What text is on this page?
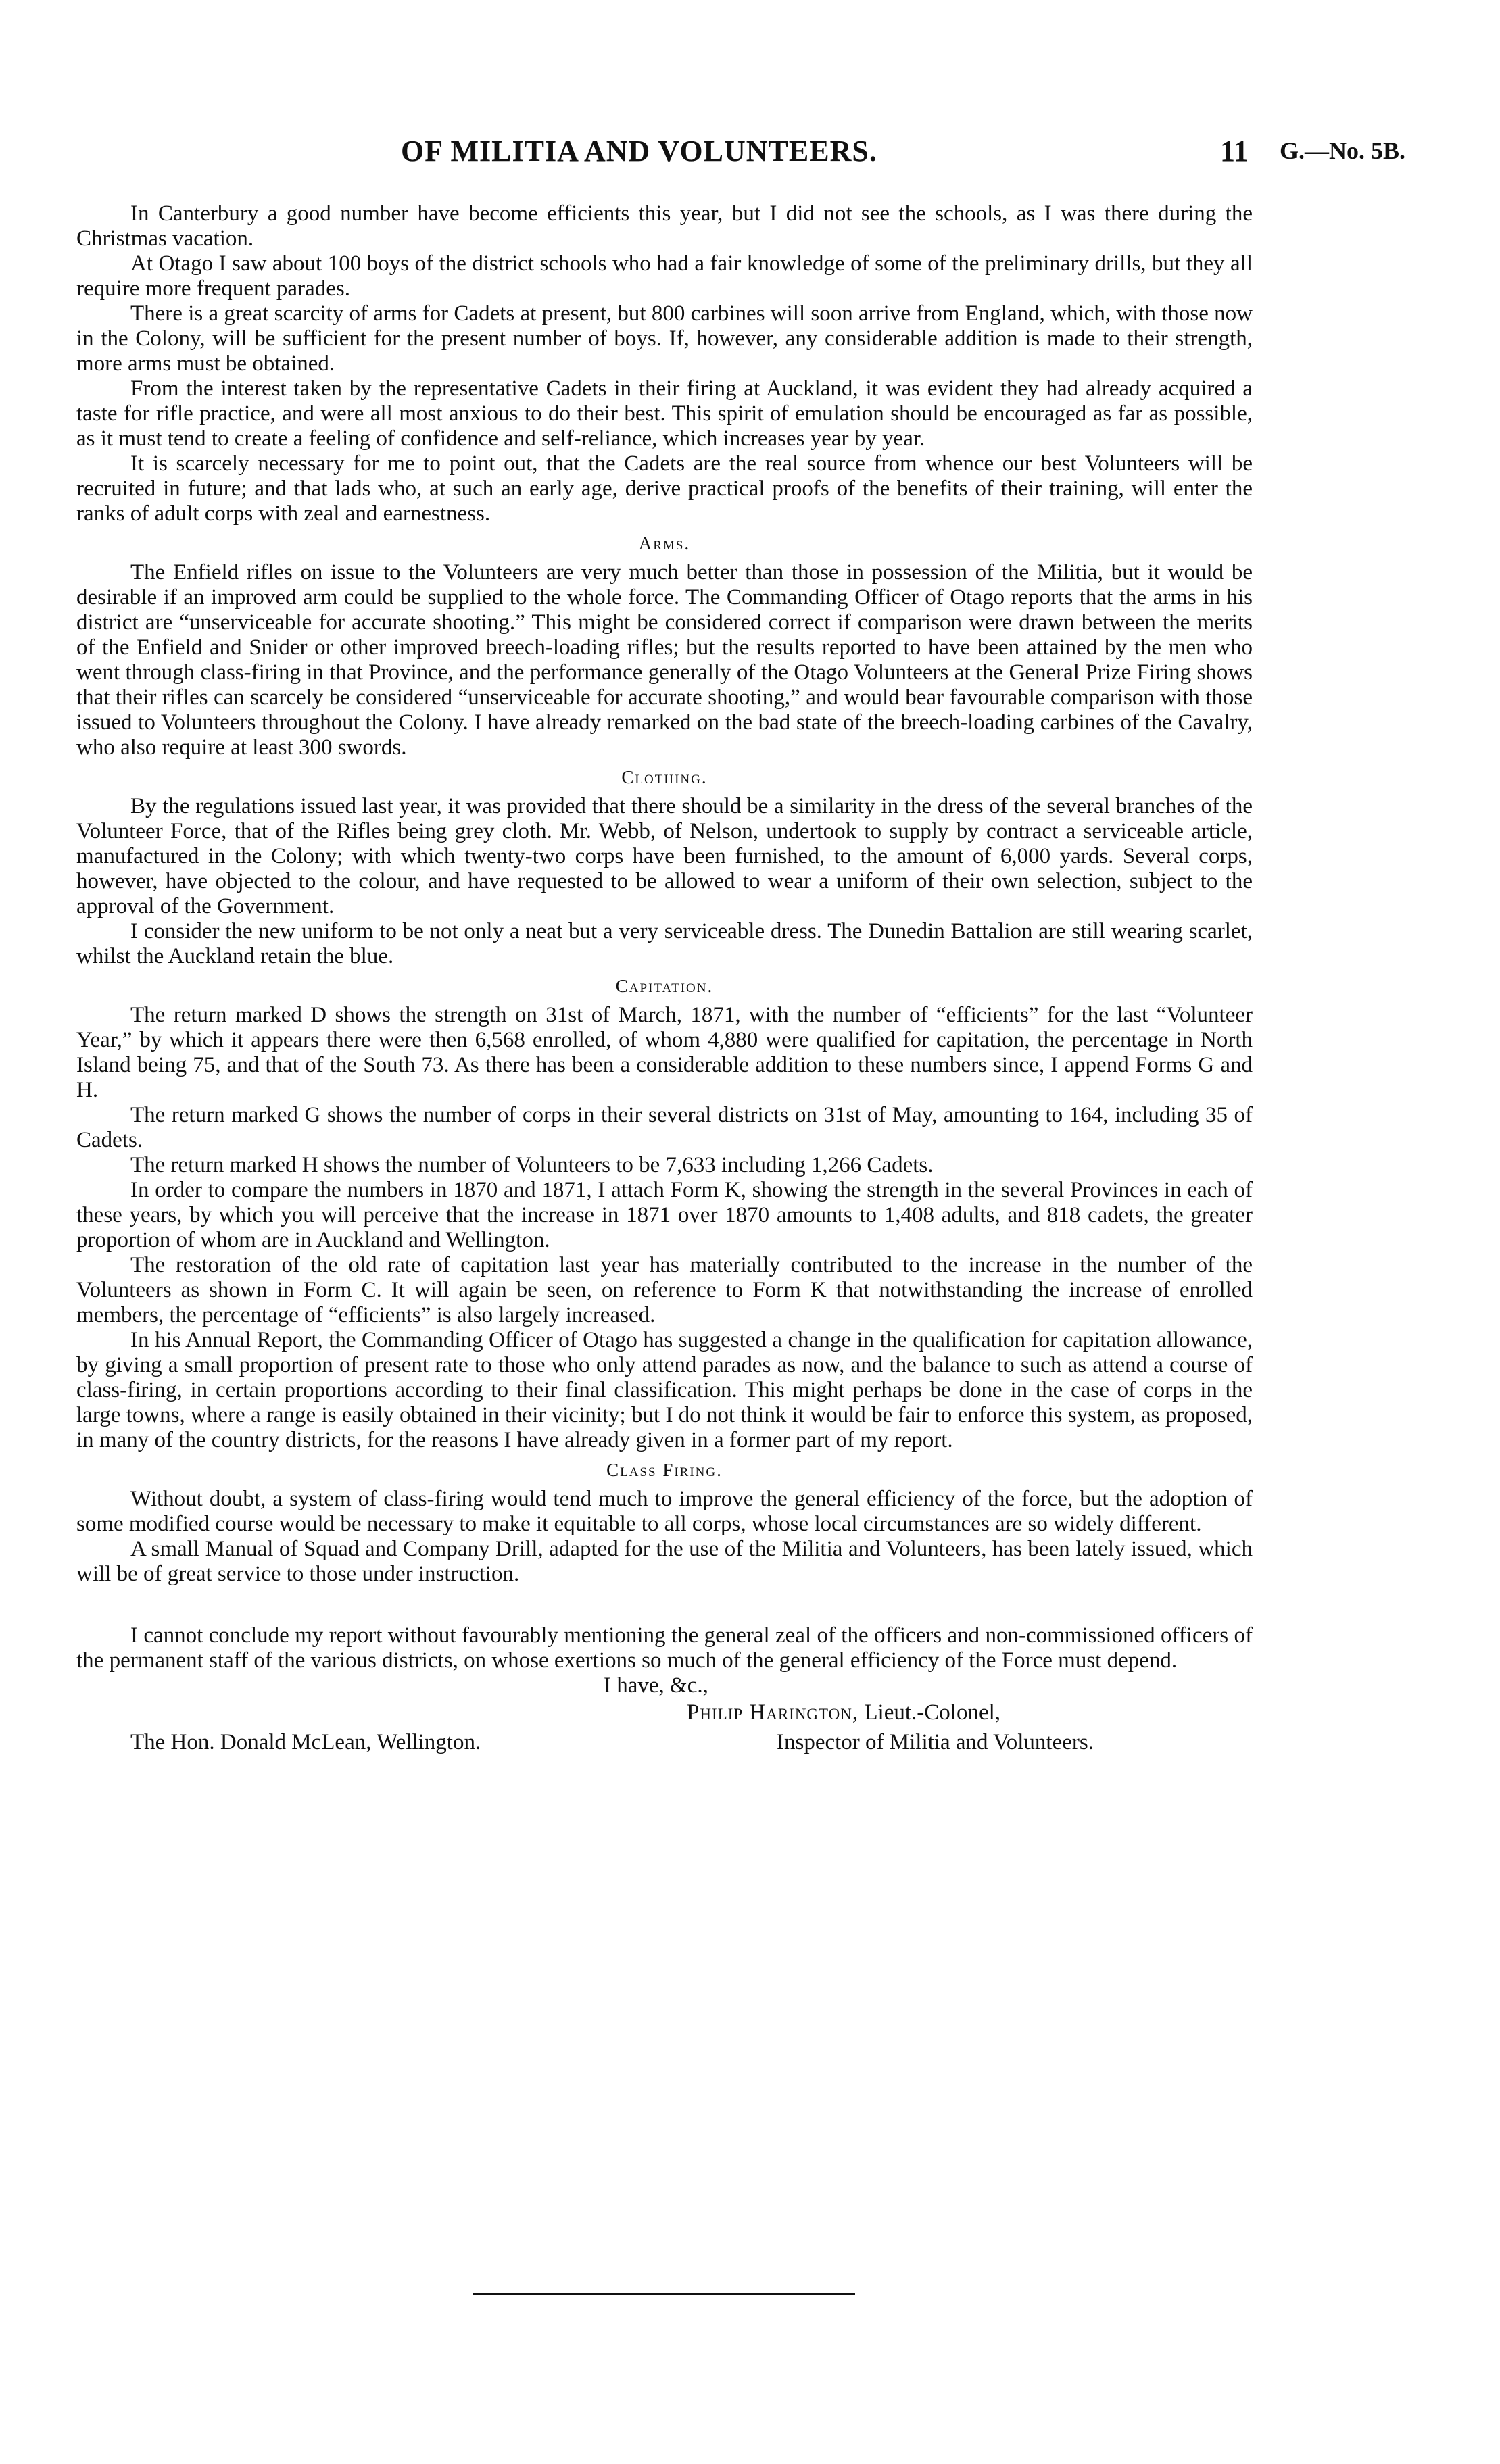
OF MILITIA AND VOLUNTEERS.	11 G.—No. 5B.

In Canterbury a good number have become efficients this year, but I did not see the schools, as I was there during the Christmas vacation.

At Otago I saw about 100 boys of the district schools who had a fair knowledge of some of the preliminary drills, but they all require more frequent parades.

There is a great scarcity of arms for Cadets at present, but 800 carbines will soon arrive from England, which, with those now in the Colony, will be sufficient for the present number of boys. If, however, any considerable addition is made to their strength, more arms must be obtained.

From the interest taken by the representative Cadets in their firing at Auckland, it was evident they had already acquired a taste for rifle practice, and were all most anxious to do their best. This spirit of emulation should be encouraged as far as possible, as it must tend to create a feeling of confidence and self-reliance, which increases year by year.

It is scarcely necessary for me to point out, that the Cadets are the real source from whence our best Volunteers will be recruited in future; and that lads who, at such an early age, derive practical proofs of the benefits of their training, will enter the ranks of adult corps with zeal and earnestness.

Arms.

The Enfield rifles on issue to the Volunteers are very much better than those in possession of the Militia, but it would be desirable if an improved arm could be supplied to the whole force. The Commanding Officer of Otago reports that the arms in his district are “unserviceable for accurate shooting.” This might be considered correct if comparison were drawn between the merits of the Enfield and Snider or other improved breech-loading rifles; but the results reported to have been attained by the men who went through class-firing in that Province, and the performance generally of the Otago Volunteers at the General Prize Firing shows that their rifles can scarcely be considered “unserviceable for accurate shooting,” and would bear favourable comparison with those issued to Volunteers throughout the Colony. I have already remarked on the bad state of the breech-loading carbines of the Cavalry, who also require at least 300 swords.

Clothing.

By the regulations issued last year, it was provided that there should be a similarity in the dress of the several branches of the Volunteer Force, that of the Rifles being grey cloth. Mr. Webb, of Nelson, undertook to supply by contract a serviceable article, manufactured in the Colony; with which twenty-two corps have been furnished, to the amount of 6,000 yards. Several corps, however, have objected to the colour, and have requested to be allowed to wear a uniform of their own selection, subject to the approval of the Government.

I consider the new uniform to be not only a neat but a very serviceable dress. The Dunedin Battalion are still wearing scarlet, whilst the Auckland retain the blue.

Capitation.

The return marked D shows the strength on 31st of March, 1871, with the number of “efficients” for the last “Volunteer Year,” by which it appears there were then 6,568 enrolled, of whom 4,880 were qualified for capitation, the percentage in North Island being 75, and that of the South 73. As there has been a considerable addition to these numbers since, I append Forms G and H.

The return marked G shows the number of corps in their several districts on 31st of May, amounting to 164, including 35 of Cadets.

The return marked H shows the number of Volunteers to be 7,633 including 1,266 Cadets.

In order to compare the numbers in 1870 and 1871, I attach Form K, showing the strength in the several Provinces in each of these years, by which you will perceive that the increase in 1871 over 1870 amounts to 1,408 adults, and 818 cadets, the greater proportion of whom are in Auckland and Wellington.

The restoration of the old rate of capitation last year has materially contributed to the increase in the number of the Volunteers as shown in Form C. It will again be seen, on reference to Form K that notwithstanding the increase of enrolled members, the percentage of “efficients” is also largely increased.

In his Annual Report, the Commanding Officer of Otago has suggested a change in the qualification for capitation allowance, by giving a small proportion of present rate to those who only attend parades as now, and the balance to such as attend a course of class-firing, in certain proportions according to their final classification. This might perhaps be done in the case of corps in the large towns, where a range is easily obtained in their vicinity; but I do not think it would be fair to enforce this system, as proposed, in many of the country districts, for the reasons I have already given in a former part of my report.

Class Firing.

Without doubt, a system of class-firing would tend much to improve the general efficiency of the force, but the adoption of some modified course would be necessary to make it equitable to all corps, whose local circumstances are so widely different.

A small Manual of Squad and Company Drill, adapted for the use of the Militia and Volunteers, has been lately issued, which will be of great service to those under instruction.

I cannot conclude my report without favourably mentioning the general zeal of the officers and non-commissioned officers of the permanent staff of the various districts, on whose exertions so much of the general efficiency of the Force must depend.

I have, &c.,
Philip Harington, Lieut.-Colonel,
The Hon. Donald McLean, Wellington.	Inspector of Militia and Volunteers.
